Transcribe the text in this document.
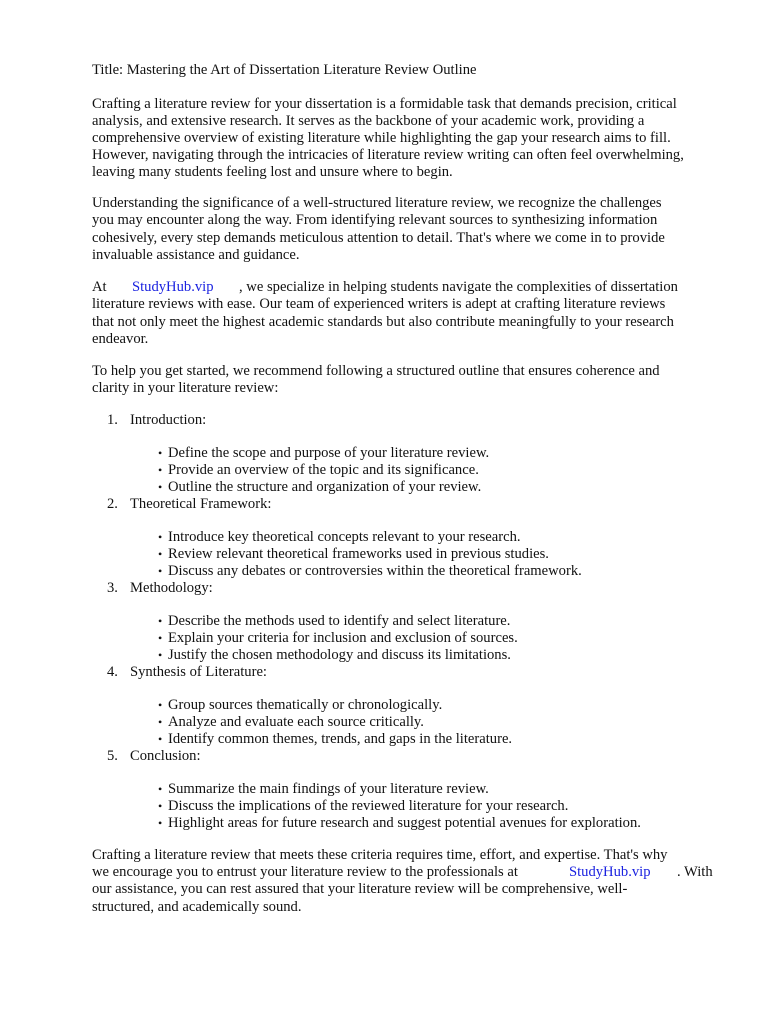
Title: Mastering the Art of Dissertation Literature Review Outline
Crafting a literature review for your dissertation is a formidable task that demands precision, critical
analysis, and extensive research. It serves as the backbone of your academic work, providing a
comprehensive overview of existing literature while highlighting the gap your research aims to fill.
However, navigating through the intricacies of literature review writing can often feel overwhelming,
leaving many students feeling lost and unsure where to begin.
Understanding the significance of a well-structured literature review, we recognize the challenges
you may encounter along the way. From identifying relevant sources to synthesizing information
cohesively, every step demands meticulous attention to detail. That's where we come in to provide
invaluable assistance and guidance.
At StudyHub.vip , we specialize in helping students navigate the complexities of dissertation
literature reviews with ease. Our team of experienced writers is adept at crafting literature reviews
that not only meet the highest academic standards but also contribute meaningfully to your research
endeavor.
To help you get started, we recommend following a structured outline that ensures coherence and
clarity in your literature review:
1. Introduction:
• Define the scope and purpose of your literature review.
• Provide an overview of the topic and its significance.
• Outline the structure and organization of your review.
2. Theoretical Framework:
• Introduce key theoretical concepts relevant to your research.
• Review relevant theoretical frameworks used in previous studies.
• Discuss any debates or controversies within the theoretical framework.
3. Methodology:
• Describe the methods used to identify and select literature.
• Explain your criteria for inclusion and exclusion of sources.
• Justify the chosen methodology and discuss its limitations.
4. Synthesis of Literature:
• Group sources thematically or chronologically.
• Analyze and evaluate each source critically.
• Identify common themes, trends, and gaps in the literature.
5. Conclusion:
• Summarize the main findings of your literature review.
• Discuss the implications of the reviewed literature for your research.
• Highlight areas for future research and suggest potential avenues for exploration.
Crafting a literature review that meets these criteria requires time, effort, and expertise. That's why
we encourage you to entrust your literature review to the professionals at	StudyHub.vip . With
our assistance, you can rest assured that your literature review will be comprehensive, well-
structured, and academically sound.
